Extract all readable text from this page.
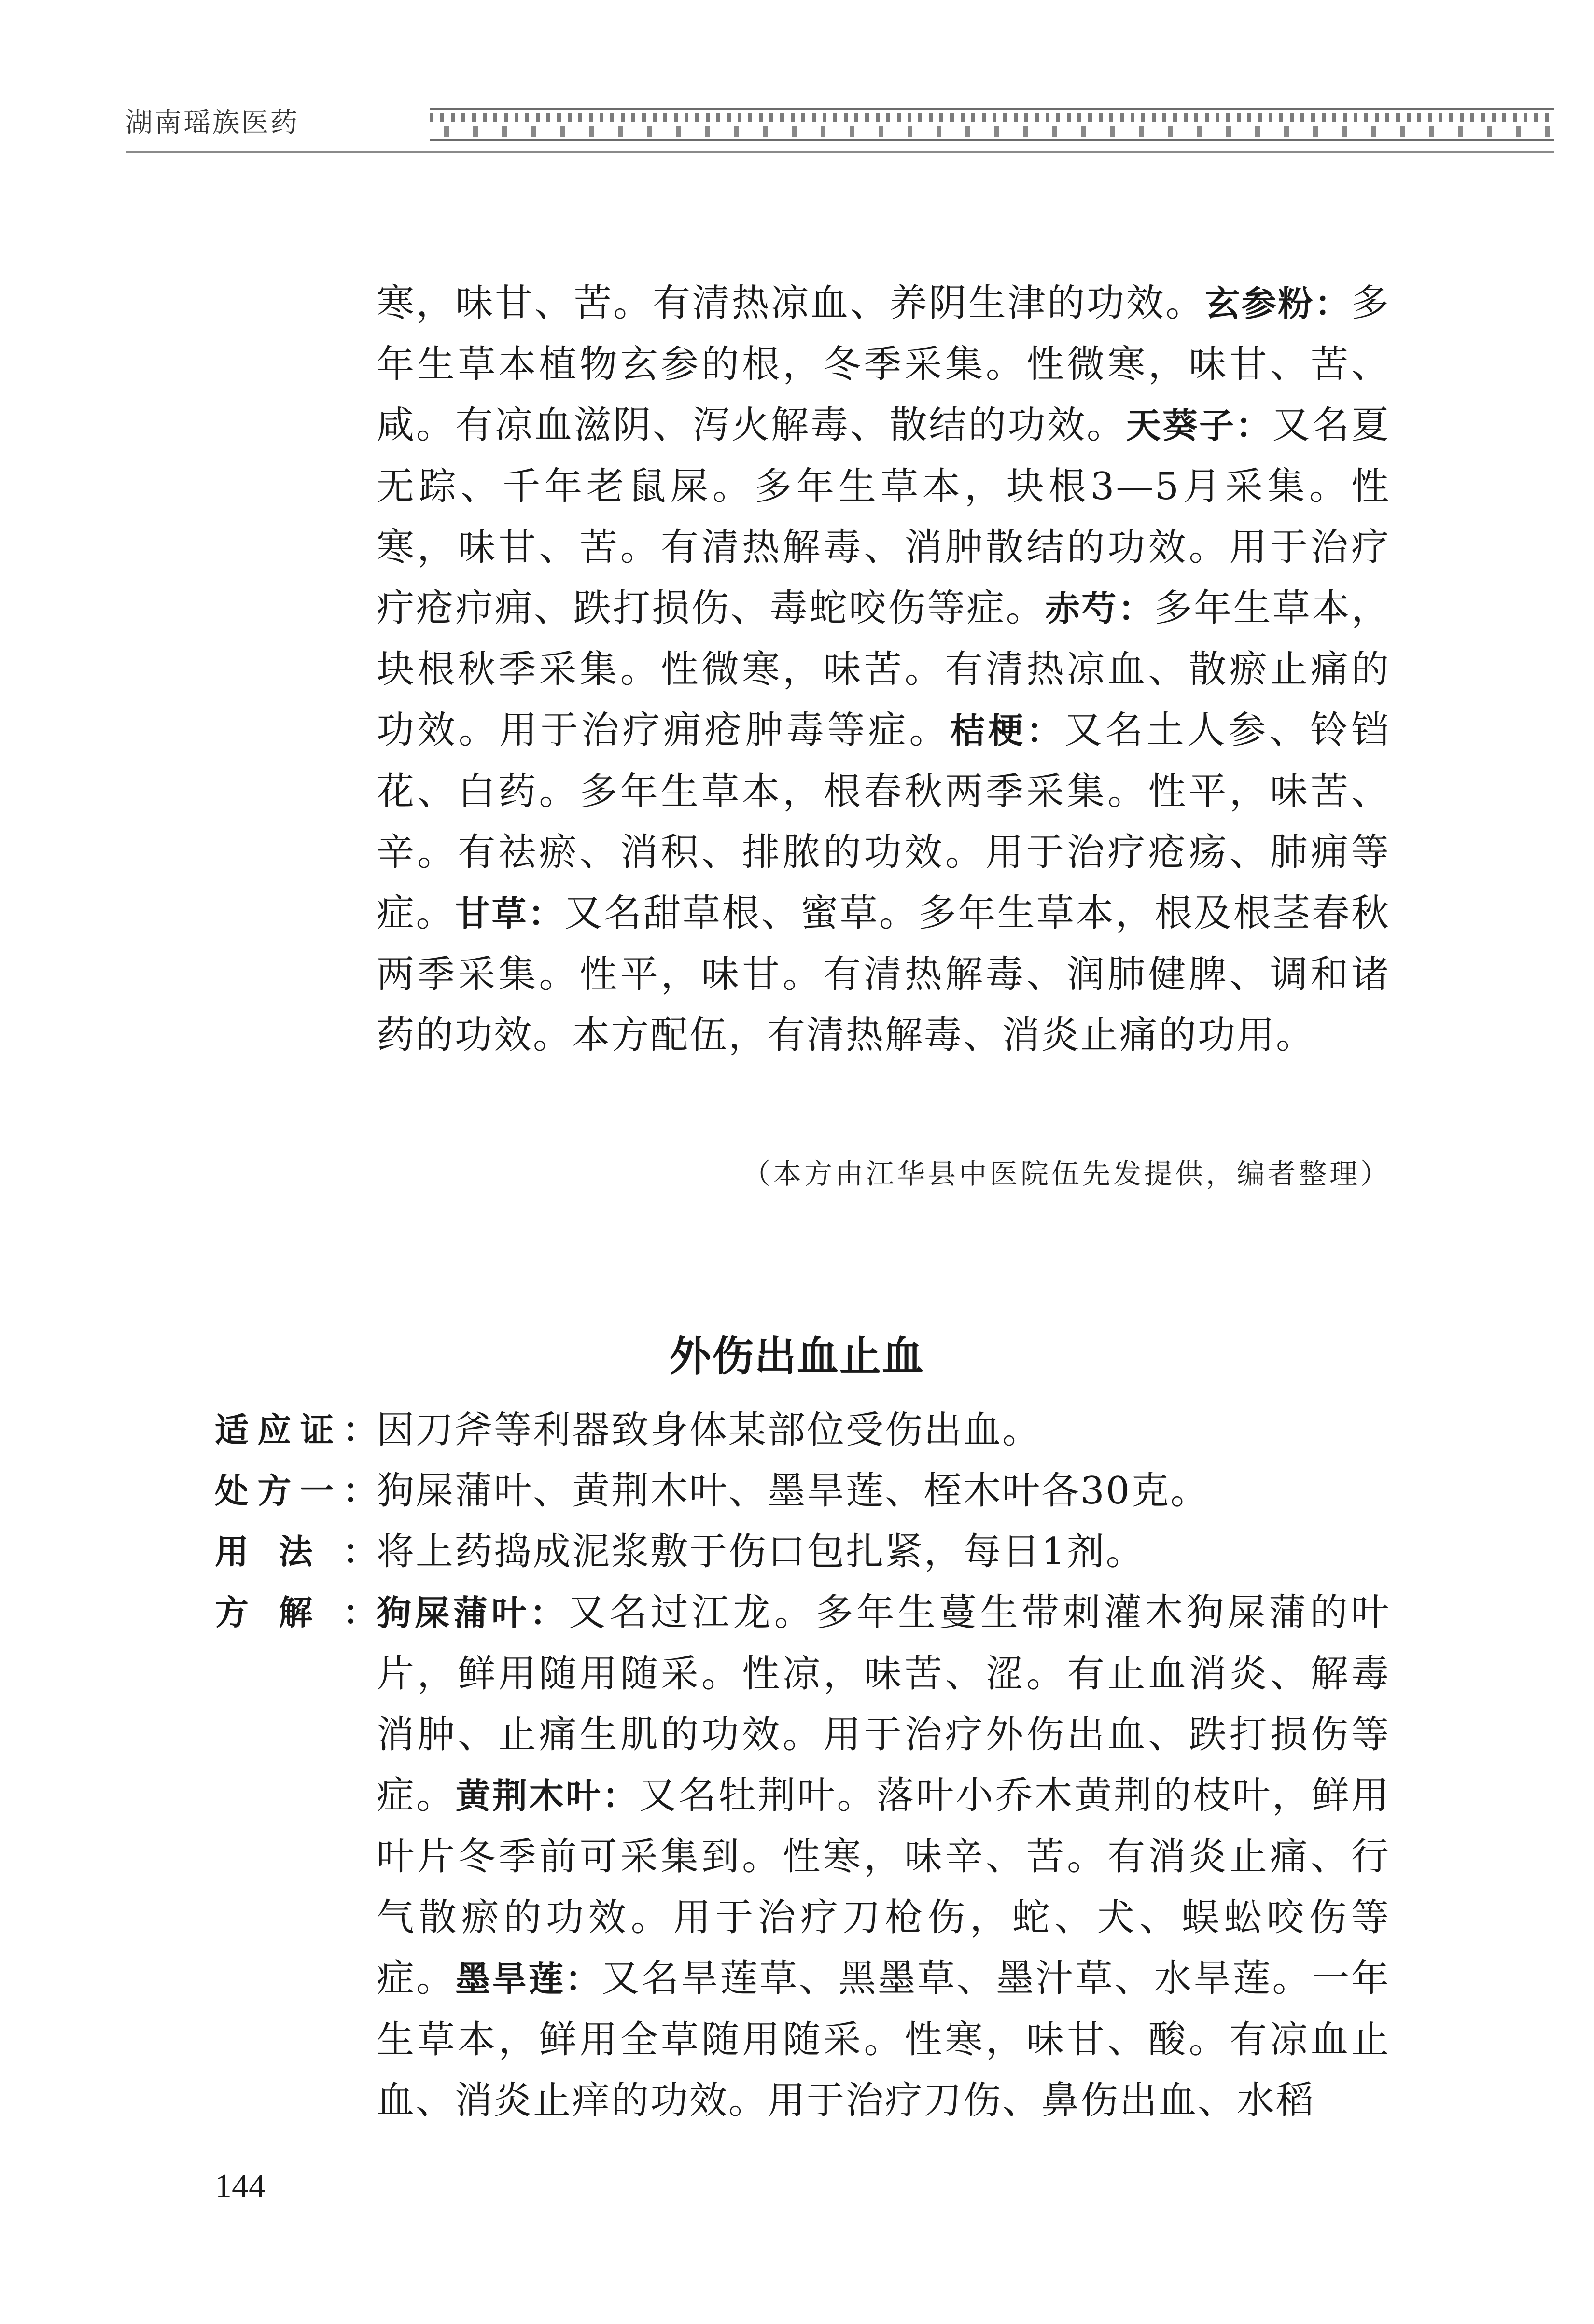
湖南瑶族医药

寒，味甘、苦。有清热凉血、养阴生津的功效。玄参粉：多年生草本植物玄参的根，冬季采集。性微寒，味甘、苦、咸。有凉血滋阴、泻火解毒、散结的功效。天葵子：又名夏无踪、千年老鼠屎。多年生草本，块根3—5月采集。性寒，味甘、苦。有清热解毒、消肿散结的功效。用于治疗疔疮疖痈、跌打损伤、毒蛇咬伤等症。赤芍：多年生草本，块根秋季采集。性微寒，味苦。有清热凉血、散瘀止痛的功效。用于治疗痈疮肿毒等症。桔梗：又名土人参、铃铛花、白药。多年生草本，根春秋两季采集。性平，味苦、辛。有祛瘀、消积、排脓的功效。用于治疗疮疡、肺痈等症。甘草：又名甜草根、蜜草。多年生草本，根及根茎春秋两季采集。性平，味甘。有清热解毒、润肺健脾、调和诸药的功效。本方配伍，有清热解毒、消炎止痛的功用。

（本方由江华县中医院伍先发提供，编者整理）
外伤出血止血
适 应 证 ： 因刀斧等利器致身体某部位受伤出血。
处 方 一 ： 狗屎蒲叶、黄荆木叶、墨旱莲、桎木叶各30克。
用 法 ： 将上药捣成泥浆敷于伤口包扎紧，每日1剂。
方 解 ： 狗屎蒲叶：又名过江龙。多年生蔓生带刺灌木狗屎蒲的叶片，鲜用随用随采。性凉，味苦、涩。有止血消炎、解毒消肿、止痛生肌的功效。用于治疗外伤出血、跌打损伤等症。黄荆木叶：又名牡荆叶。落叶小乔木黄荆的枝叶，鲜用叶片冬季前可采集到。性寒，味辛、苦。有消炎止痛、行气散瘀的功效。用于治疗刀枪伤，蛇、犬、蜈蚣咬伤等症。墨旱莲：又名旱莲草、黑墨草、墨汁草、水旱莲。一年生草本，鲜用全草随用随采。性寒，味甘、酸。有凉血止血、消炎止痒的功效。用于治疗刀伤、鼻伤出血、水稻
144
